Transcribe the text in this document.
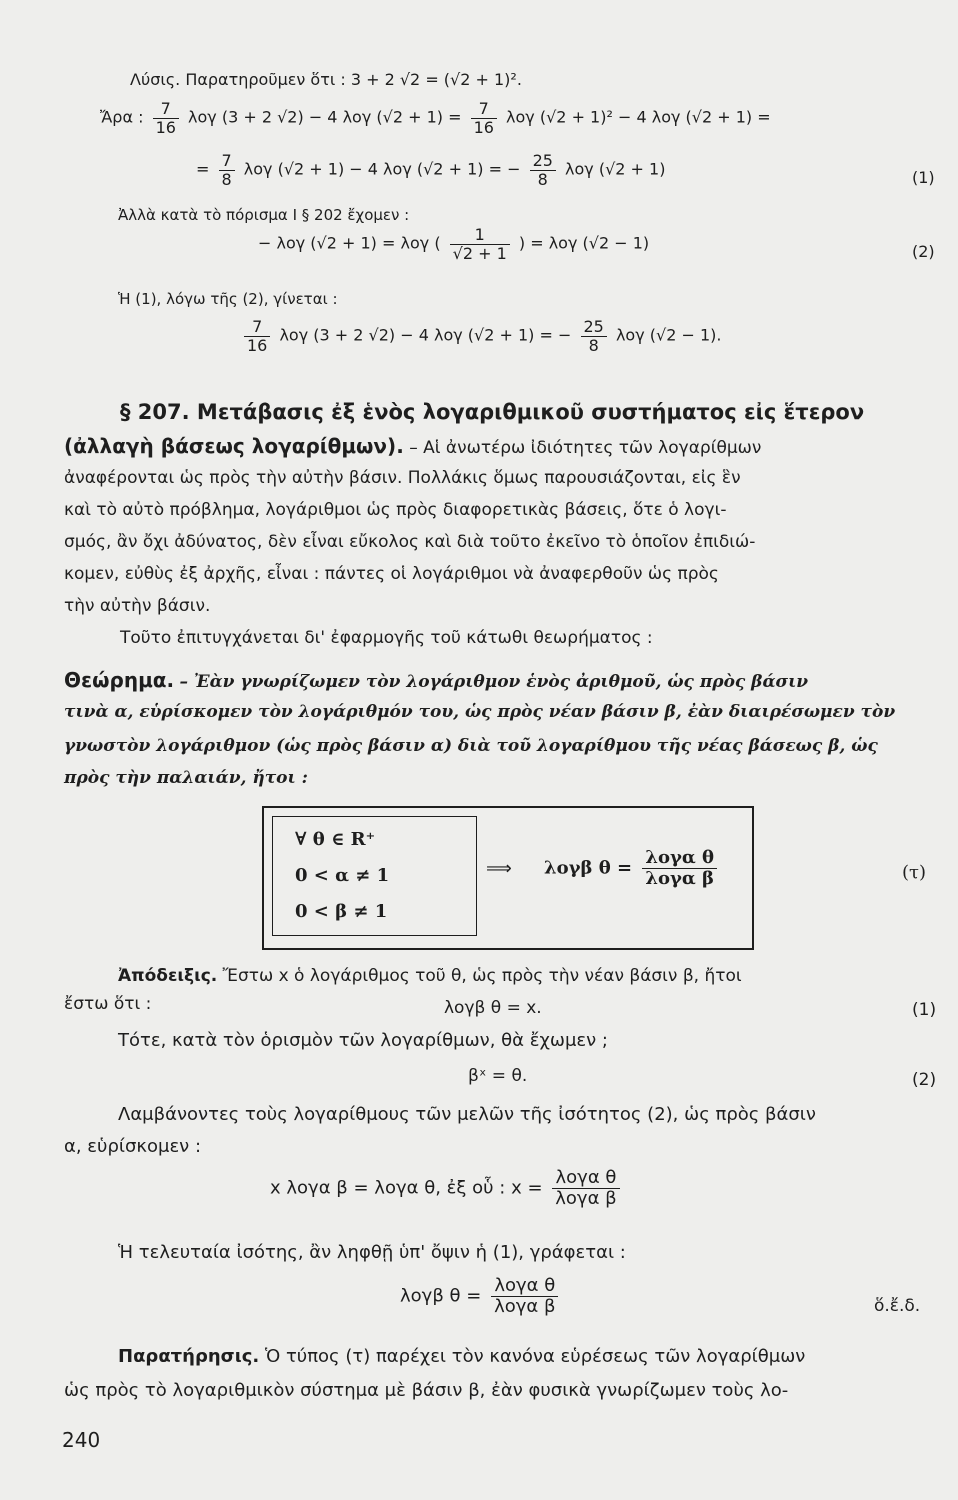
Λύσις. Παρατηροῦμεν ὅτι : 3 + 2 √2 = (√2 + 1)².
Ἄρα : $\frac{7}{16}$ λογ (3 + 2 √2) − 4 λογ $(√2 + 1) = \frac{7}{16}$ λογ (√2 + 1)² − 4 λογ (√2 + 1) =
= $\frac{7}{8}$ λογ (√2 + 1) − 4 λογ (√2 + 1) = − $\frac{25}{8}$ λογ (√2 + 1)	(1)
Ἀλλὰ κατὰ τὸ πόρισμα I § 202 ἔχομεν :
− λογ (√2 + 1) = λογ ( $\frac{1}{√2 + 1}$ ) = λογ (√2 − 1)	(2)
Ἡ (1), λόγω τῆς (2), γίνεται :
$\frac{7}{16}$ λογ (3 + 2 √2) − 4 λογ (√2 + 1) = − $\frac{25}{8}$ λογ (√2 − 1).
§ 207. Μετάβασις ἐξ ἑνὸς λογαριθμικοῦ συστήματος εἰς ἕτερον
(ἀλλαγὴ βάσεως λογαρίθμων). – Αἱ ἀνωτέρω ἰδιότητες τῶν λογαρίθμων
ἀναφέρονται ὡς πρὸς τὴν αὐτὴν βάσιν. Πολλάκις ὅμως παρουσιάζονται, εἰς ἓν
καὶ τὸ αὐτὸ πρόβλημα, λογάριθμοι ὡς πρὸς διαφορετικὰς βάσεις, ὅτε ὁ λογι-
σμός, ἂν ὄχι ἀδύνατος, δὲν εἶναι εὔκολος καὶ διὰ τοῦτο ἐκεῖνο τὸ ὁποῖον ἐπιδιώ-
κομεν, εὐθὺς ἐξ ἀρχῆς, εἶναι : πάντες οἱ λογάριθμοι νὰ ἀναφερθοῦν ὡς πρὸς
τὴν αὐτὴν βάσιν.
Τοῦτο ἐπιτυγχάνεται δι' ἐφαρμογῆς τοῦ κάτωθι θεωρήματος :
Θεώρημα. – Ἐὰν γνωρίζωμεν τὸν λογάριθμον ἑνὸς ἀριθμοῦ, ὡς πρὸς βάσιν
τινὰ α, εὑρίσκομεν τὸν λογάριθμόν του, ὡς πρὸς νέαν βάσιν β, ἐὰν διαιρέσωμεν τὸν
γνωστὸν λογάριθμον (ὡς πρὸς βάσιν α) διὰ τοῦ λογαρίθμου τῆς νέας βάσεως β, ὡς
πρὸς τὴν παλαιάν, ἤτοι :
∀ θ ∈ R⁺
0 < α ≠ 1
0 < β ≠ 1
⟹ λογβ $\theta = \frac{\text{λογα θ}}{\text{λογα β}}$	(τ)
Ἀπόδειξις. Ἔστω x ὁ λογάριθμος τοῦ θ, ὡς πρὸς τὴν νέαν βάσιν β, ἤτοι
ἔστω ὅτι :	λογβ θ = x.	(1)
Τότε, κατὰ τὸν ὁρισμὸν τῶν λογαρίθμων, θὰ ἔχωμεν ;
βˣ = θ.	(2)
Λαμβάνοντες τοὺς λογαρίθμους τῶν μελῶν τῆς ἰσότητος (2), ὡς πρὸς βάσιν
α, εὑρίσκομεν :
x λογα β = λογα θ, ἐξ οὗ : $x = \frac{\text{λογα θ}}{\text{λογα β}}$
Ἡ τελευταία ἰσότης, ἂν ληφθῇ ὑπ' ὄψιν ἡ (1), γράφεται :
λογβ $\theta = \frac{\text{λογα θ}}{\text{λογα β}}$	ὅ.ἔ.δ.
Παρατήρησις. Ὁ τύπος (τ) παρέχει τὸν κανόνα εὑρέσεως τῶν λογαρίθμων
ὡς πρὸς τὸ λογαριθμικὸν σύστημα μὲ βάσιν β, ἐὰν φυσικὰ γνωρίζωμεν τοὺς λο-
240
